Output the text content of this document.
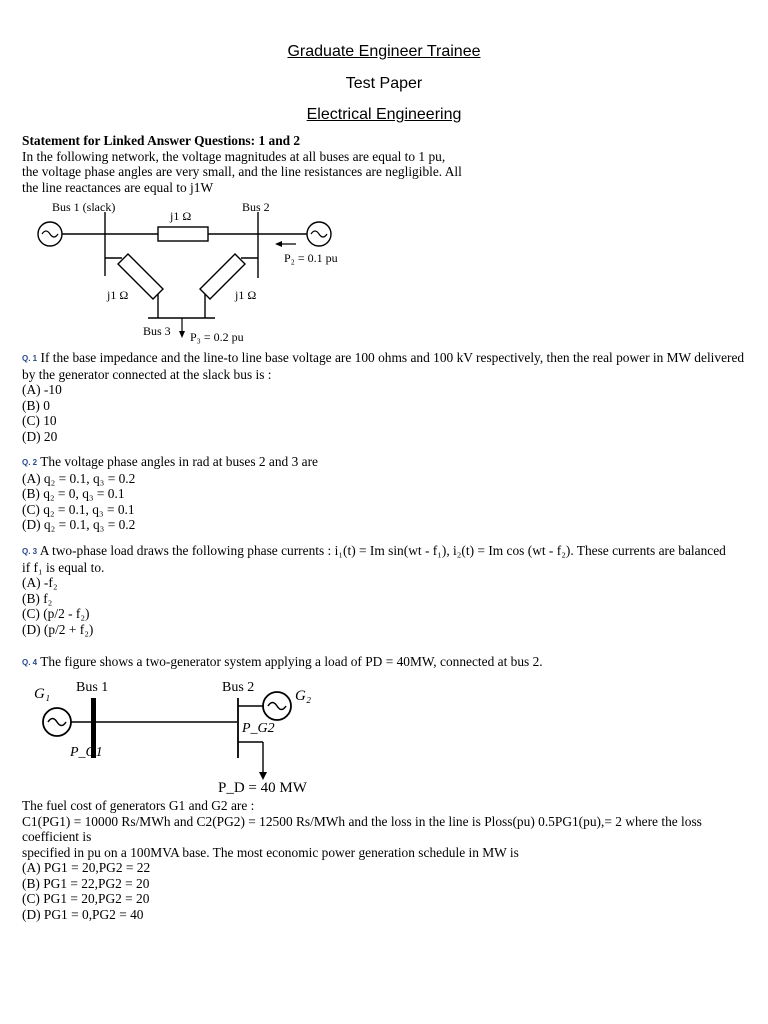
Graduate Engineer Trainee
Test Paper
Electrical Engineering
Statement for Linked Answer Questions: 1 and 2
In the following network, the voltage magnitudes at all buses are equal to 1 pu,
the voltage phase angles are very small, and the line resistances are negligible. All
the line reactances are equal to j1W
Bus 1 (slack)	Bus 2
j1 Ω
j1 Ω	j1 Ω
P₂ = 0.1 pu
Bus 3 P₃ = 0.2 pu
Q. 1 If the base impedance and the line-to line base voltage are 100 ohms and 100 kV respectively, then the real power in MW delivered by the generator connected at the slack bus is :
(A) -10
(B) 0
(C) 10
(D) 20
Q. 2 The voltage phase angles in rad at buses 2 and 3 are
(A) q₂ = 0.1, q₃ = 0.2
(B) q₂ = 0, q₃ = 0.1
(C) q₂ = 0.1, q₃ = 0.1
(D) q₂ = 0.1, q₃ = 0.2
Q. 3 A two-phase load draws the following phase currents : i₁(t) = Im sin(wt - f₁), i₂(t) = Im cos (wt - f₂). These currents are balanced
if f₁ is equal to.
(A) -f₂
(B) f₂
(C) (p/2 - f₂)
(D) (p/2 + f₂)
Q. 4 The figure shows a two-generator system applying a load of PD = 40MW, connected at bus 2.
G₁ Bus 1	Bus 2
G₂
P_G1
P_G2
P_D = 40 MW
The fuel cost of generators G1 and G2 are :
C1(PG1) = 10000 Rs/MWh and C2(PG2) = 12500 Rs/MWh and the loss in the line is Ploss(pu) 0.5PG1(pu),= 2 where the loss coefficient is
specified in pu on a 100MVA base. The most economic power generation schedule in MW is
(A) PG1 = 20,PG2 = 22
(B) PG1 = 22,PG2 = 20
(C) PG1 = 20,PG2 = 20
(D) PG1 = 0,PG2 = 40
